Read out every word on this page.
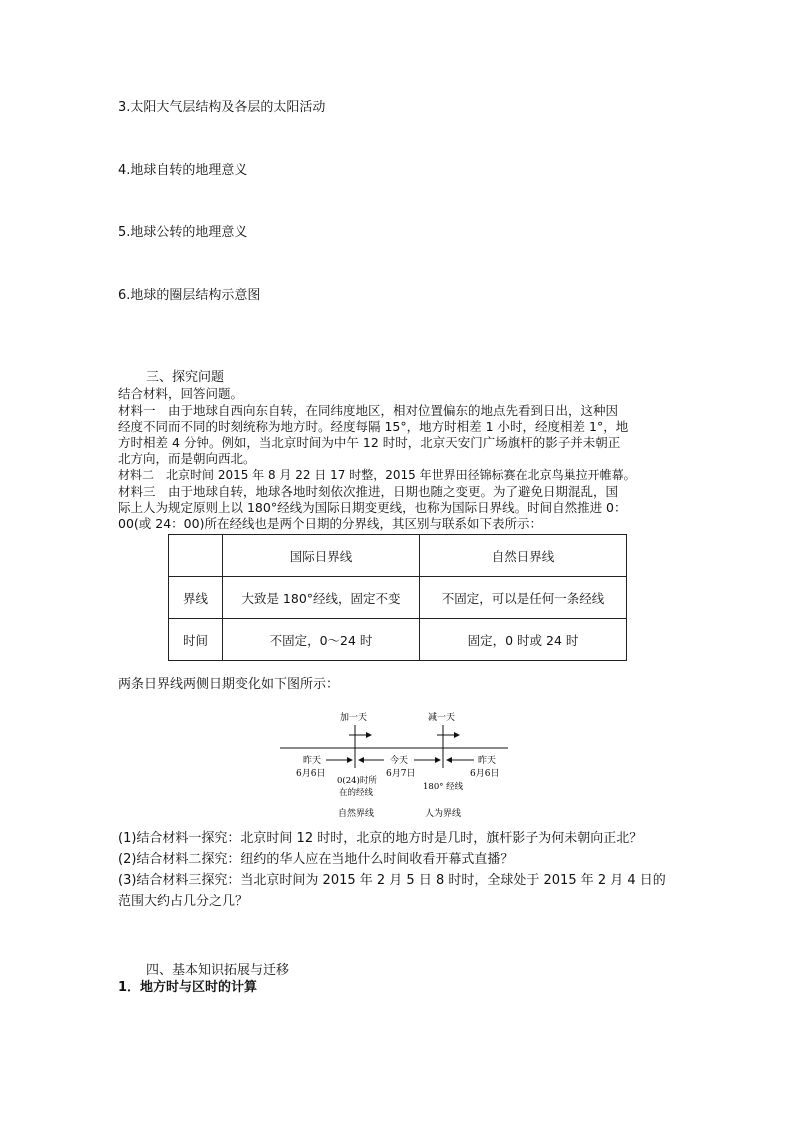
3.太阳大气层结构及各层的太阳活动
4.地球自转的地理意义
5.地球公转的地理意义
6.地球的圈层结构示意图
三、探究问题
结合材料，回答问题。
材料一　由于地球自西向东自转，在同纬度地区，相对位置偏东的地点先看到日出，这种因
经度不同而不同的时刻统称为地方时。经度每隔 15°，地方时相差 1 小时，经度相差 1°，地
方时相差 4 分钟。例如，当北京时间为中午 12 时时，北京天安门广场旗杆的影子并未朝正
北方向，而是朝向西北。
材料二　北京时间 2015 年 8 月 22 日 17 时整，2015 年世界田径锦标赛在北京鸟巢拉开帷幕。
材料三　由于地球自转，地球各地时刻依次推进，日期也随之变更。为了避免日期混乱，国
际上人为规定原则上以 180°经线为国际日期变更线，也称为国际日界线。时间自然推进 0：
00(或 24：00)所在经线也是两个日期的分界线，其区别与联系如下表所示：
	国际日界线	自然日界线
界线	大致是 180°经线，固定不变	不固定，可以是任何一条经线
时间	不固定，0～24 时	固定，0 时或 24 时
两条日界线两侧日期变化如下图所示：
加一天	减一天
昨天
6月6日
今天
6月7日
昨天
6月6日
0(24)时所
在的经线
180° 经线
自然界线	人为界线
(1)结合材料一探究：北京时间 12 时时，北京的地方时是几时，旗杆影子为何未朝向正北？
(2)结合材料二探究：纽约的华人应在当地什么时间收看开幕式直播？
(3)结合材料三探究：当北京时间为 2015 年 2 月 5 日 8 时时，全球处于 2015 年 2 月 4 日的
范围大约占几分之几？
四、基本知识拓展与迁移
1．地方时与区时的计算
